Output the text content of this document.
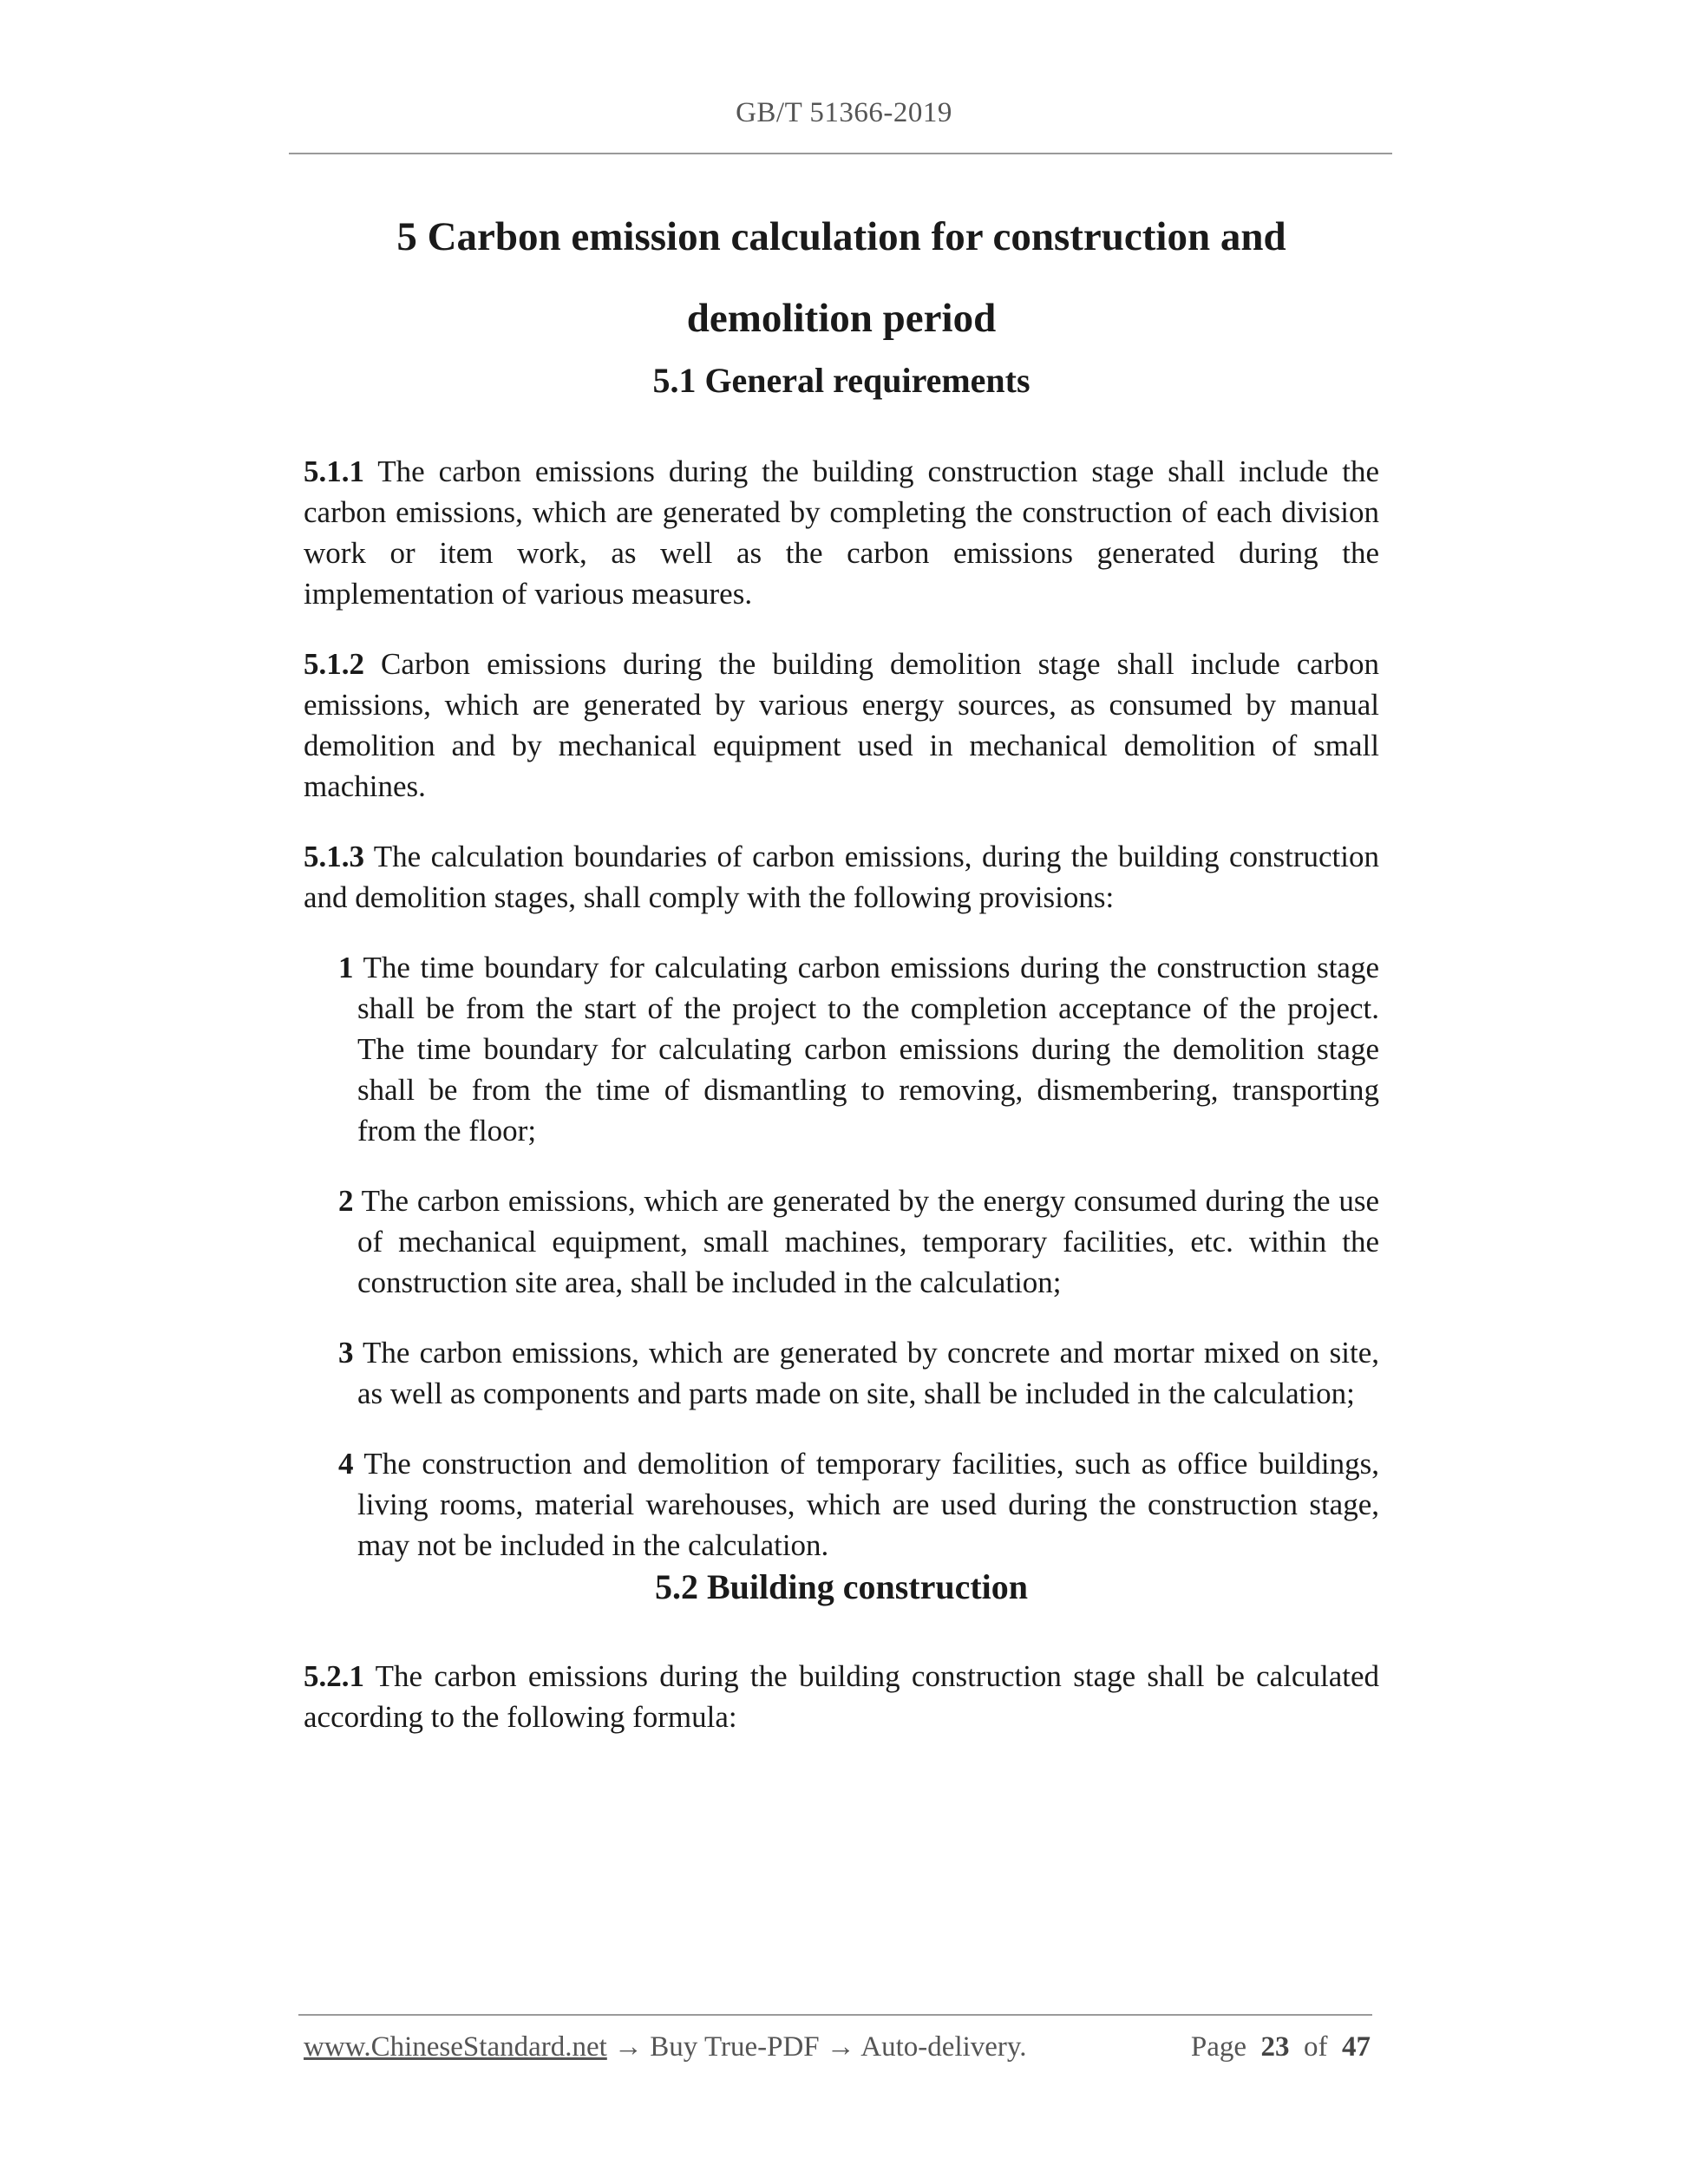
GB/T 51366-2019
5 Carbon emission calculation for construction and
demolition period
5.1 General requirements

5.1.1 The carbon emissions during the building construction stage shall include the carbon emissions, which are generated by completing the construction of each division work or item work, as well as the carbon emissions generated during the implementation of various measures.

5.1.2 Carbon emissions during the building demolition stage shall include carbon emissions, which are generated by various energy sources, as consumed by manual demolition and by mechanical equipment used in mechanical demolition of small machines.

5.1.3 The calculation boundaries of carbon emissions, during the building construction and demolition stages, shall comply with the following provisions:

1 The time boundary for calculating carbon emissions during the construction stage shall be from the start of the project to the completion acceptance of the project. The time boundary for calculating carbon emissions during the demolition stage shall be from the time of dismantling to removing, dismembering, transporting from the floor;

2 The carbon emissions, which are generated by the energy consumed during the use of mechanical equipment, small machines, temporary facilities, etc. within the construction site area, shall be included in the calculation;

3 The carbon emissions, which are generated by concrete and mortar mixed on site, as well as components and parts made on site, shall be included in the calculation;

4 The construction and demolition of temporary facilities, such as office buildings, living rooms, material warehouses, which are used during the construction stage, may not be included in the calculation.

5.2 Building construction

5.2.1 The carbon emissions during the building construction stage shall be calculated according to the following formula:

www.ChineseStandard.net → Buy True-PDF → Auto-delivery.	Page 23 of 47
